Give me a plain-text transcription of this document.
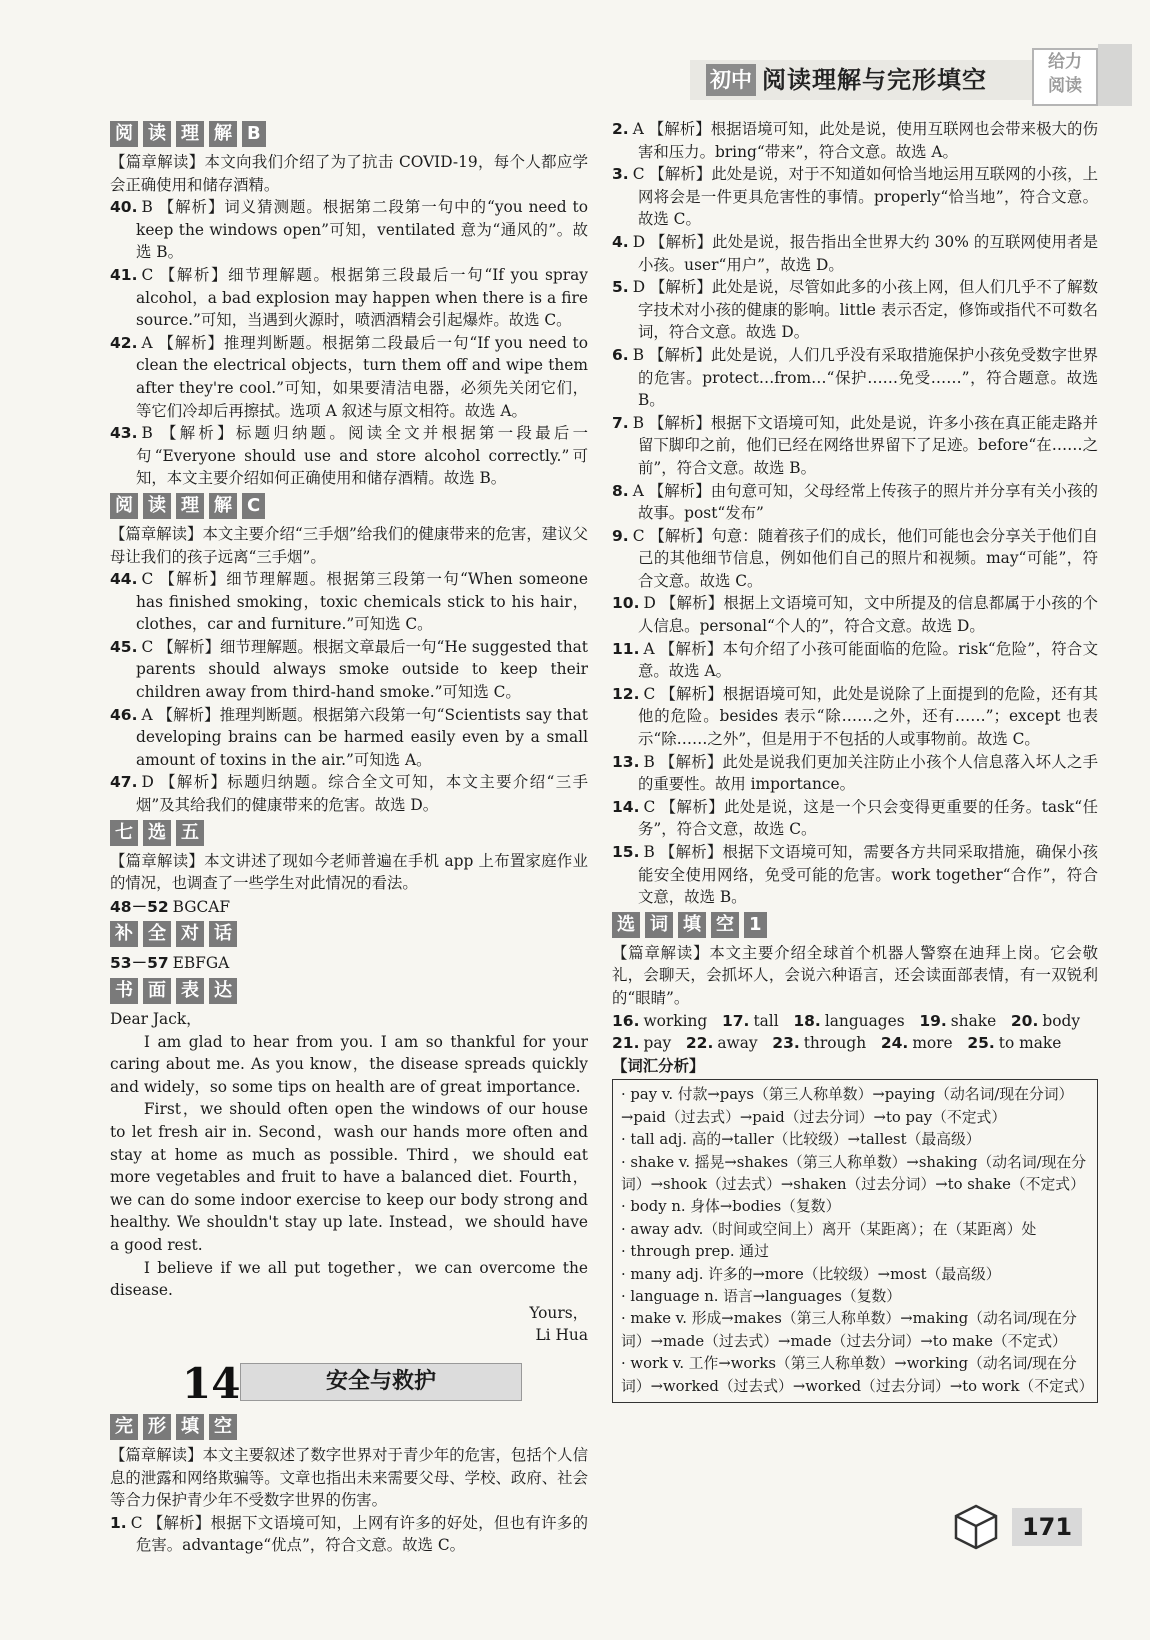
初中 阅读理解与完形填空
给力
阅读
阅 读 理 解 B

【篇章解读】本文向我们介绍了为了抗击 COVID-19，每个人都应学会正确使用和储存酒精。

40. B 【解析】词义猜测题。根据第二段第一句中的“you need to keep the windows open”可知，ventilated 意为“通风的”。故选 B。

41. C 【解析】细节理解题。根据第三段最后一句“If you spray alcohol，a bad explosion may happen when there is a fire source.”可知，当遇到火源时，喷洒酒精会引起爆炸。故选 C。

42. A 【解析】推理判断题。根据第二段最后一句“If you need to clean the electrical objects，turn them off and wipe them after they're cool.”可知，如果要清洁电器，必须先关闭它们，等它们冷却后再擦拭。选项 A 叙述与原文相符。故选 A。

43. B 【解析】标题归纳题。阅读全文并根据第一段最后一句“Everyone should use and store alcohol correctly.”可知，本文主要介绍如何正确使用和储存酒精。故选 B。

阅 读 理 解 C

【篇章解读】本文主要介绍“三手烟”给我们的健康带来的危害，建议父母让我们的孩子远离“三手烟”。

44. C 【解析】细节理解题。根据第三段第一句“When someone has finished smoking，toxic chemicals stick to his hair，clothes，car and furniture.”可知选 C。

45. C 【解析】细节理解题。根据文章最后一句“He suggested that parents should always smoke outside to keep their children away from third-hand smoke.”可知选 C。

46. A 【解析】推理判断题。根据第六段第一句“Scientists say that developing brains can be harmed easily even by a small amount of toxins in the air.”可知选 A。

47. D 【解析】标题归纳题。综合全文可知，本文主要介绍“三手烟”及其给我们的健康带来的危害。故选 D。

七 选 五

【篇章解读】本文讲述了现如今老师普遍在手机 app 上布置家庭作业的情况，也调查了一些学生对此情况的看法。

48－52 BGCAF

补 全 对 话

53－57 EBFGA

书 面 表 达

Dear Jack，

I am glad to hear from you. I am so thankful for your caring about me. As you know，the disease spreads quickly and widely，so some tips on health are of great importance.

First，we should often open the windows of our house to let fresh air in. Second，wash our hands more often and stay at home as much as possible. Third，we should eat more vegetables and fruit to have a balanced diet. Fourth，we can do some indoor exercise to keep our body strong and healthy. We shouldn't stay up late. Instead，we should have a good rest.

I believe if we all put together，we can overcome the disease.

Yours，

Li Hua

14	安全与救护
完 形 填 空

【篇章解读】本文主要叙述了数字世界对于青少年的危害，包括个人信息的泄露和网络欺骗等。文章也指出未来需要父母、学校、政府、社会等合力保护青少年不受数字世界的伤害。

1. C 【解析】根据下文语境可知，上网有许多的好处，但也有许多的危害。advantage“优点”，符合文意。故选 C。

2. A 【解析】根据语境可知，此处是说，使用互联网也会带来极大的伤害和压力。bring“带来”，符合文意。故选 A。

3. C 【解析】此处是说，对于不知道如何恰当地运用互联网的小孩，上网将会是一件更具危害性的事情。properly“恰当地”，符合文意。故选 C。

4. D 【解析】此处是说，报告指出全世界大约 30% 的互联网使用者是小孩。user“用户”，故选 D。

5. D 【解析】此处是说，尽管如此多的小孩上网，但人们几乎不了解数字技术对小孩的健康的影响。little 表示否定，修饰或指代不可数名词，符合文意。故选 D。

6. B 【解析】此处是说，人们几乎没有采取措施保护小孩免受数字世界的危害。protect…from…“保护……免受……”，符合题意。故选 B。

7. B 【解析】根据下文语境可知，此处是说，许多小孩在真正能走路并留下脚印之前，他们已经在网络世界留下了足迹。before“在……之前”，符合文意。故选 B。

8. A 【解析】由句意可知，父母经常上传孩子的照片并分享有关小孩的故事。post“发布”

9. C 【解析】句意：随着孩子们的成长，他们可能也会分享关于他们自己的其他细节信息，例如他们自己的照片和视频。may“可能”，符合文意。故选 C。

10. D 【解析】根据上文语境可知，文中所提及的信息都属于小孩的个人信息。personal“个人的”，符合文意。故选 D。

11. A 【解析】本句介绍了小孩可能面临的危险。risk“危险”，符合文意。故选 A。

12. C 【解析】根据语境可知，此处是说除了上面提到的危险，还有其他的危险。besides 表示“除……之外，还有……”；except 也表示“除……之外”，但是用于不包括的人或事物前。故选 C。

13. B 【解析】此处是说我们更加关注防止小孩个人信息落入坏人之手的重要性。故用 importance。

14. C 【解析】此处是说，这是一个只会变得更重要的任务。task“任务”，符合文意，故选 C。

15. B 【解析】根据下文语境可知，需要各方共同采取措施，确保小孩能安全使用网络，免受可能的危害。work together“合作”，符合文意，故选 B。

选 词 填 空 1

【篇章解读】本文主要介绍全球首个机器人警察在迪拜上岗。它会敬礼，会聊天，会抓坏人，会说六种语言，还会读面部表情，有一双锐利的“眼睛”。

16. working 17. tall 18. languages 19. shake 20. body

21. pay 22. away 23. through 24. more 25. to make

【词汇分析】

· pay v. 付款→pays（第三人称单数）→paying（动名词/现在分词）→paid（过去式）→paid（过去分词）→to pay（不定式）
· tall adj. 高的→taller（比较级）→tallest（最高级）
· shake v. 摇晃→shakes（第三人称单数）→shaking（动名词/现在分词）→shook（过去式）→shaken（过去分词）→to shake（不定式）
· body n. 身体→bodies（复数）
· away adv.（时间或空间上）离开（某距离）；在（某距离）处
· through prep. 通过
· many adj. 许多的→more（比较级）→most（最高级）
· language n. 语言→languages（复数）
· make v. 形成→makes（第三人称单数）→making（动名词/现在分词）→made（过去式）→made（过去分词）→to make（不定式）
· work v. 工作→works（第三人称单数）→working（动名词/现在分词）→worked（过去式）→worked（过去分词）→to work（不定式）
171
